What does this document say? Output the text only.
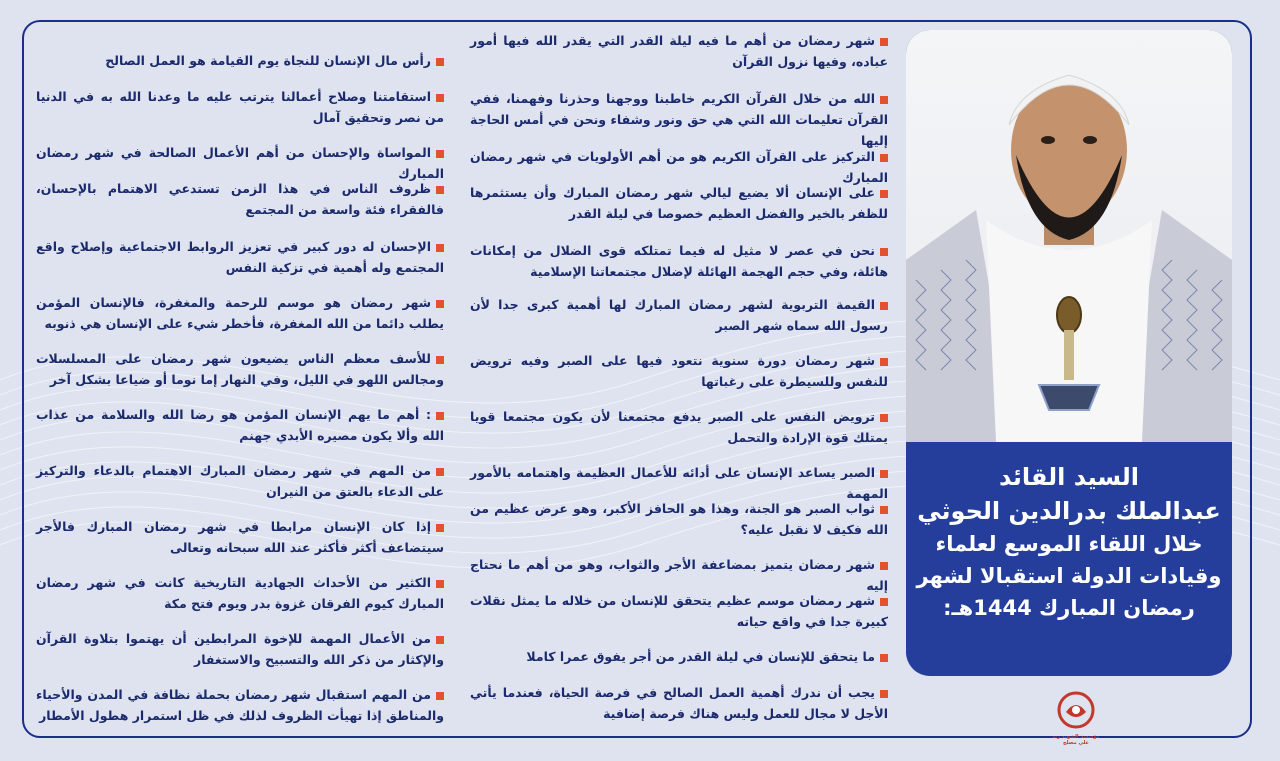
شهر رمضان من أهم ما فيه ليلة القدر التي يقدر الله فيها أمور عباده، وفيها نزول القرآن
الله من خلال القرآن الكريم خاطبنا ووجهنا وحذرنا وفهمنا، ففي القرآن تعليمات الله التي هي حق ونور وشفاء ونحن في أمس الحاجة إليها
التركيز على القرآن الكريم هو من أهم الأولويات في شهر رمضان المبارك
على الإنسان ألا يضيع ليالي شهر رمضان المبارك وأن يستثمرها للظفر بالخير والفضل العظيم خصوصا في ليلة القدر
نحن في عصر لا مثيل له فيما تمتلكه قوى الضلال من إمكانات هائلة، وفي حجم الهجمة الهائلة لإضلال مجتمعاتنا الإسلامية
القيمة التربوية لشهر رمضان المبارك لها أهمية كبرى جدا لأن رسول الله سماه شهر الصبر
شهر رمضان دورة سنوية نتعود فيها على الصبر وفيه ترويض للنفس وللسيطرة على رغباتها
ترويض النفس على الصبر يدفع مجتمعنا لأن يكون مجتمعا قويا يمتلك قوة الإرادة والتحمل
الصبر يساعد الإنسان على أدائه للأعمال العظيمة واهتمامه بالأمور المهمة
ثواب الصبر هو الجنة، وهذا هو الحافز الأكبر، وهو عرض عظيم من الله فكيف لا نقبل عليه؟
شهر رمضان يتميز بمضاعفة الأجر والثواب، وهو من أهم ما نحتاج إليه
شهر رمضان موسم عظيم يتحقق للإنسان من خلاله ما يمثل نقلات كبيرة جدا في واقع حياته
ما يتحقق للإنسان في ليلة القدر من أجر يفوق عمرا كاملا
يجب أن ندرك أهمية العمل الصالح في فرصة الحياة، فعندما يأتي الأجل لا مجال للعمل وليس هناك فرصة إضافية
رأس مال الإنسان للنجاة يوم القيامة هو العمل الصالح
استقامتنا وصلاح أعمالنا يترتب عليه ما وعدنا الله به في الدنيا من نصر وتحقيق آمال
المواساة والإحسان من أهم الأعمال الصالحة في شهر رمضان المبارك
ظروف الناس في هذا الزمن تستدعي الاهتمام بالإحسان، فالفقراء فئة واسعة من المجتمع
الإحسان له دور كبير في تعزيز الروابط الاجتماعية وإصلاح واقع المجتمع وله أهمية في تزكية النفس
شهر رمضان هو موسم للرحمة والمغفرة، فالإنسان المؤمن يطلب دائما من الله المغفرة، فأخطر شيء على الإنسان هي ذنوبه
للأسف معظم الناس يضيعون شهر رمضان على المسلسلات ومجالس اللهو في الليل، وفي النهار إما نوما أو ضياعا بشكل آخر
: أهم ما يهم الإنسان المؤمن هو رضا الله والسلامة من عذاب الله وألا يكون مصيره الأبدي جهنم
من المهم في شهر رمضان المبارك الاهتمام بالدعاء والتركيز على الدعاء بالعتق من النيران
إذا كان الإنسان مرابطا في شهر رمضان المبارك فالأجر سيتضاعف أكثر فأكثر عند الله سبحانه وتعالى
الكثير من الأحداث الجهادية التاريخية كانت في شهر رمضان المبارك كيوم الفرقان غزوة بدر ويوم فتح مكة
من الأعمال المهمة للإخوة المرابطين أن يهتموا بتلاوة القرآن والإكثار من ذكر الله والتسبيح والاستغفار
من المهم استقبال شهر رمضان بحملة نظافة في المدن والأحياء والمناطق إذا تهيأت الظروف لذلك في ظل استمرار هطول الأمطار
السيد القائد
عبدالملك بدرالدين الحوثي
خلال اللقاء الموسع لعلماء وقيادات الدولة استقبالا لشهر رمضان المبارك 1444هـ:
مؤسسة الشهيد زيد علي مصلح
